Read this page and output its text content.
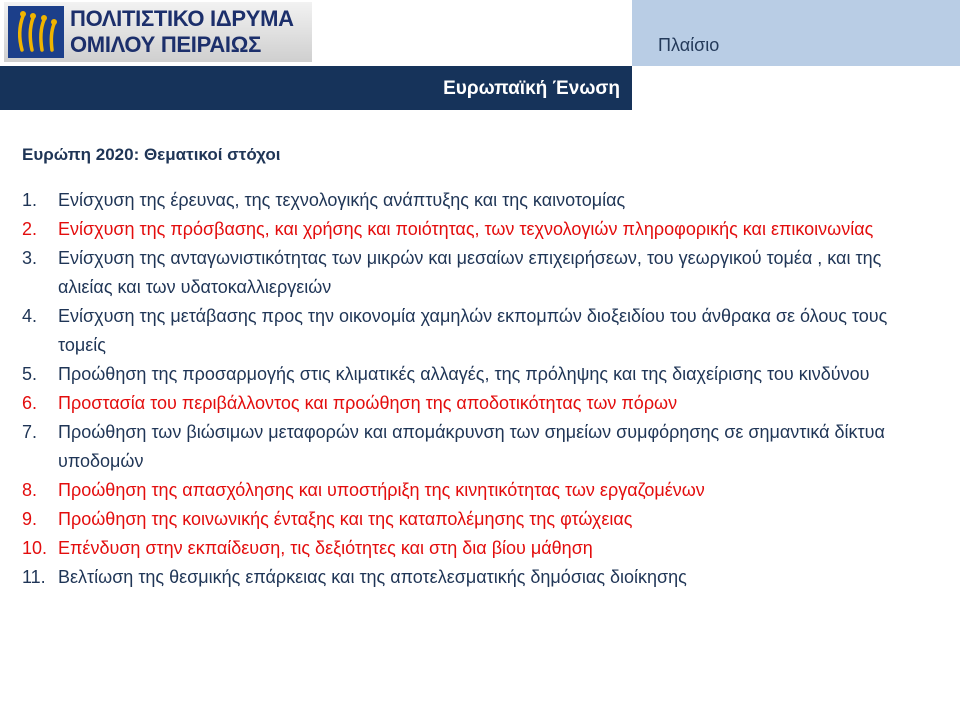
ΠΟΛΙΤΙΣΤΙΚΟ ΙΔΡΥΜΑ
ΟΜΙΛΟΥ ΠΕΙΡΑΙΩΣ	Πλαίσιο
Ευρωπαϊκή Ένωση
Ευρώπη 2020: Θεματικοί στόχοι
1. Ενίσχυση της έρευνας, της τεχνολογικής ανάπτυξης και της καινοτομίας
2. Ενίσχυση της πρόσβασης, και χρήσης και ποιότητας, των τεχνολογιών πληροφορικής και επικοινωνίας
3. Ενίσχυση της ανταγωνιστικότητας των μικρών και μεσαίων επιχειρήσεων, του γεωργικού τομέα , και της αλιείας και των υδατοκαλλιεργειών
4. Ενίσχυση της μετάβασης προς την οικονομία χαμηλών εκπομπών διοξειδίου του άνθρακα σε όλους τους τομείς
5. Προώθηση της προσαρμογής στις κλιματικές αλλαγές, της πρόληψης και της διαχείρισης του κινδύνου
6. Προστασία του περιβάλλοντος και προώθηση της αποδοτικότητας των πόρων
7. Προώθηση των βιώσιμων μεταφορών και απομάκρυνση των σημείων συμφόρησης σε σημαντικά δίκτυα υποδομών
8. Προώθηση της απασχόλησης και υποστήριξη της κινητικότητας των εργαζομένων
9. Προώθηση της κοινωνικής ένταξης και της καταπολέμησης της φτώχειας
10. Επένδυση στην εκπαίδευση, τις δεξιότητες και στη δια βίου μάθηση
11. Βελτίωση της θεσμικής επάρκειας και της αποτελεσματικής δημόσιας διοίκησης
